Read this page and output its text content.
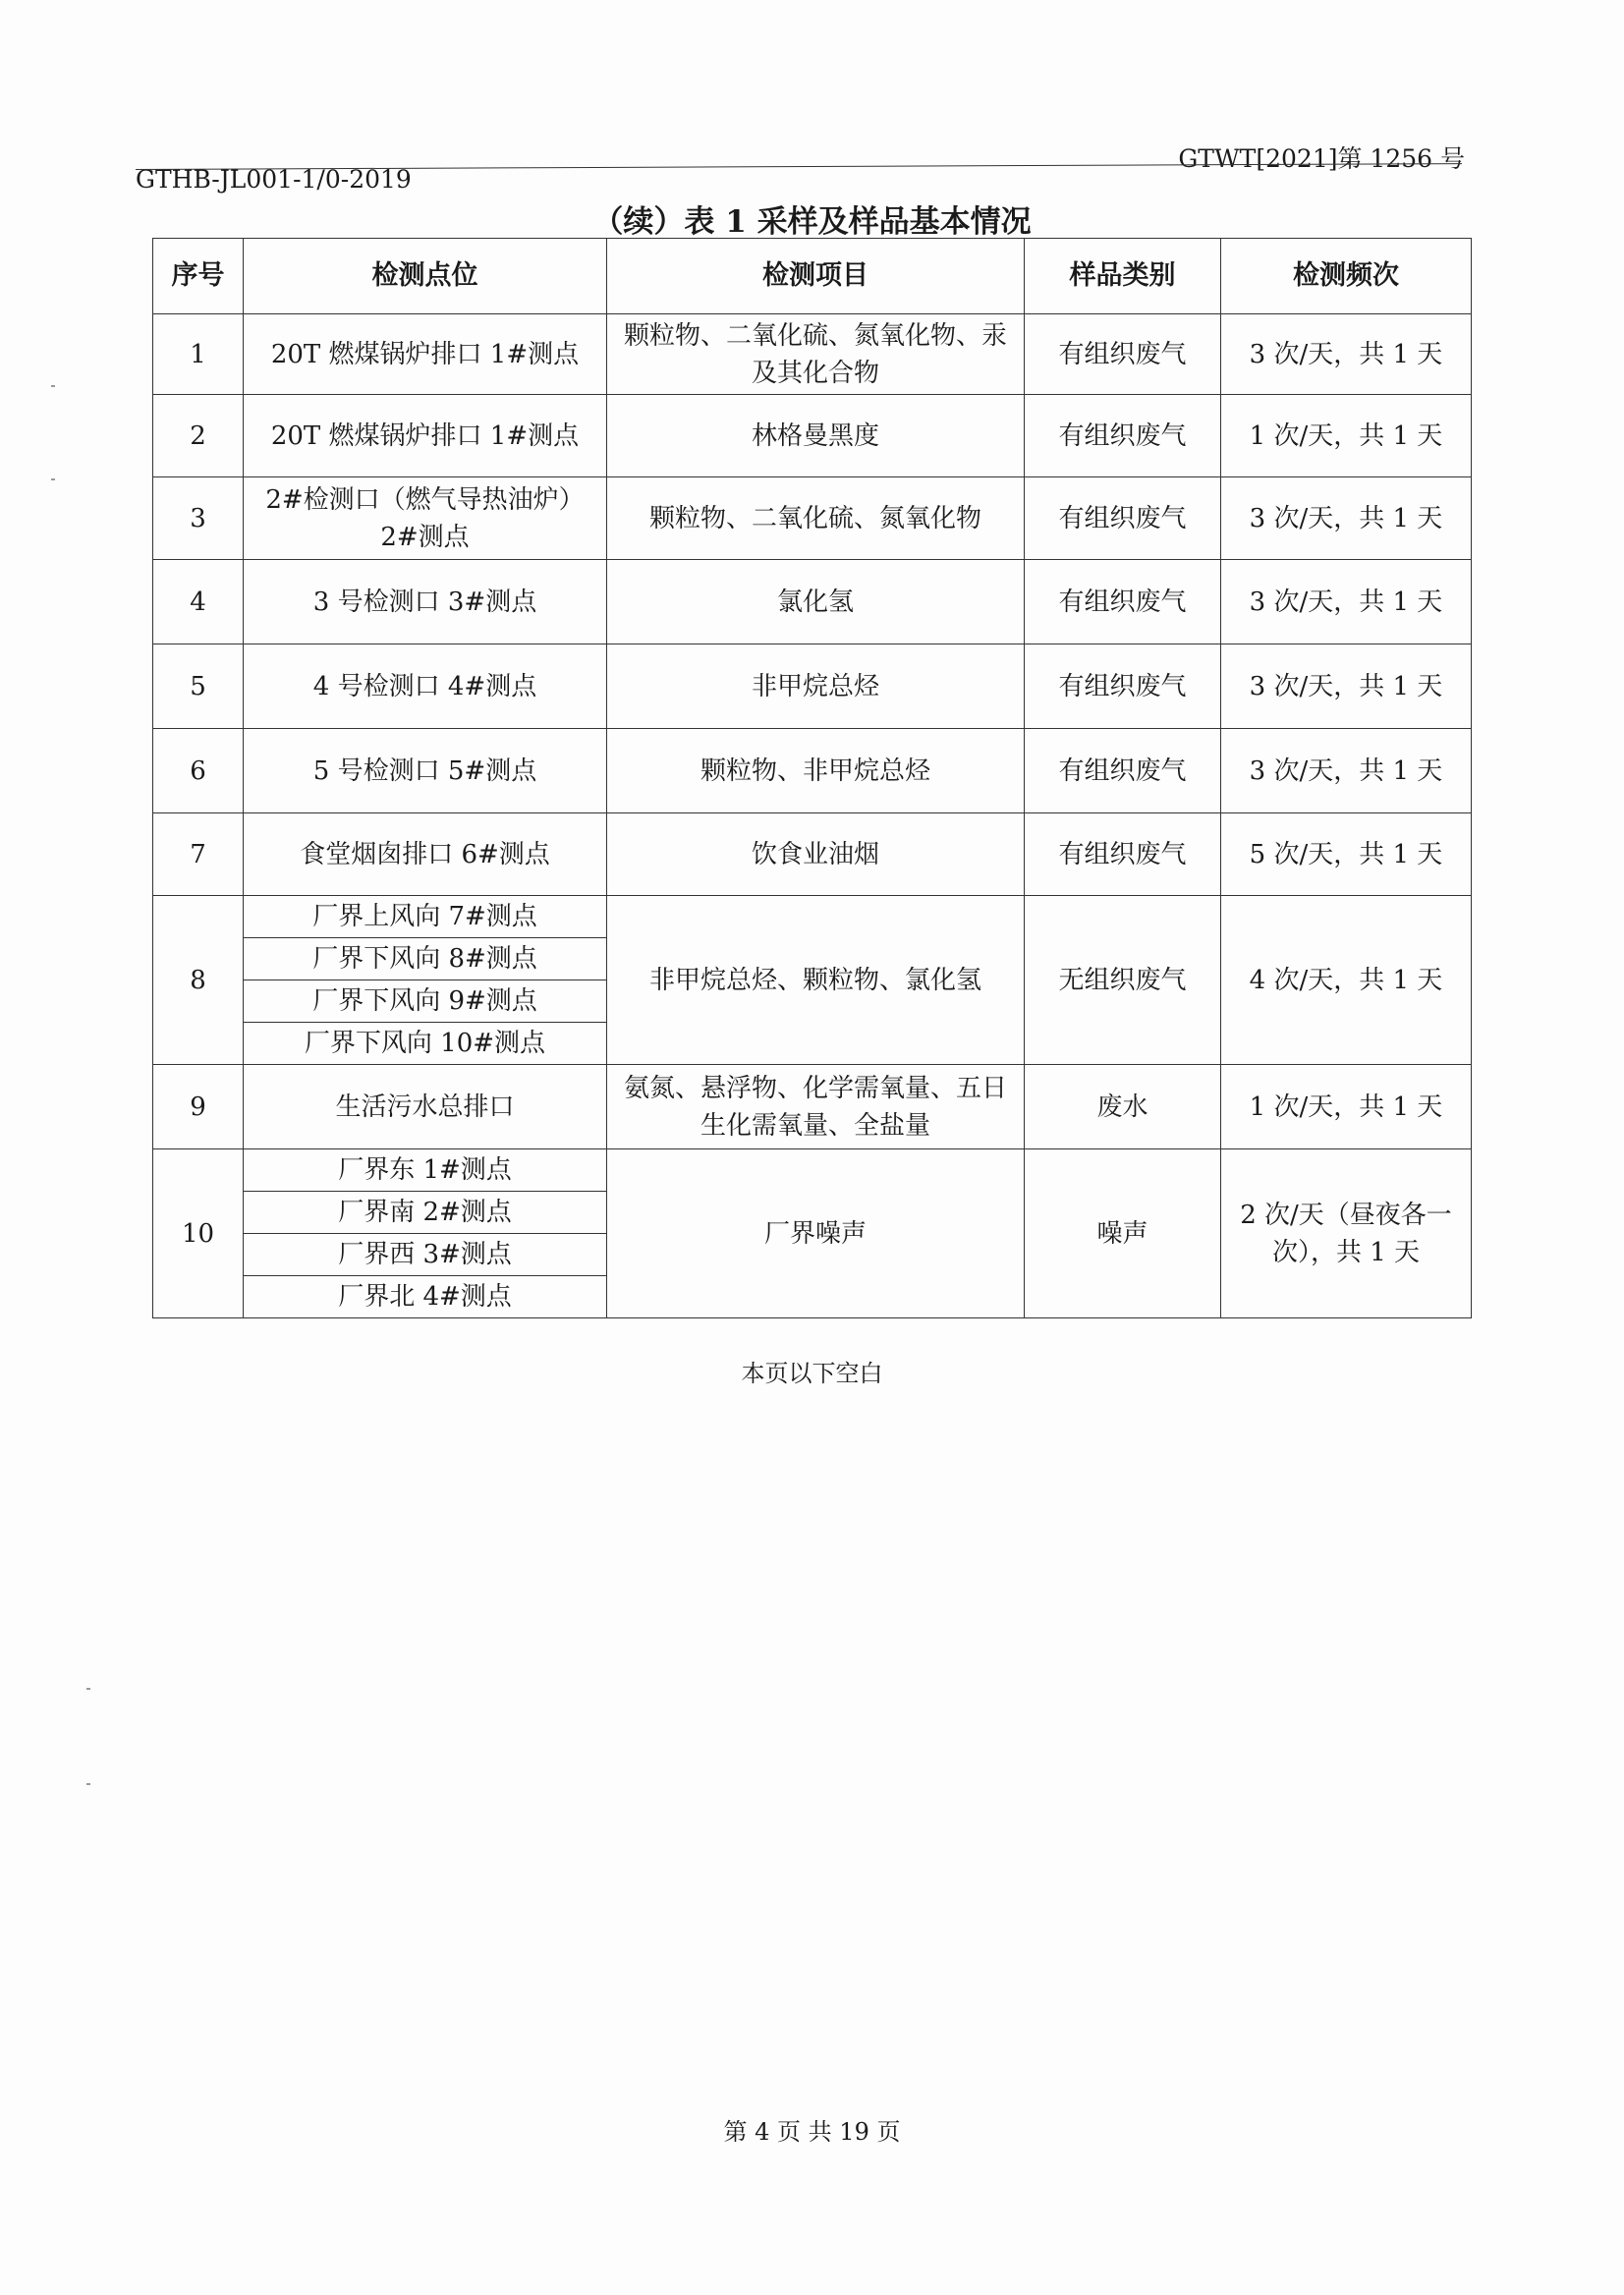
GTWT[2021]第 1256 号
GTHB-JL001-1/0-2019
（续）表 1 采样及样品基本情况
序号	检测点位	检测项目	样品类别	检测频次
1	20T 燃煤锅炉排口 1#测点	颗粒物、二氧化硫、氮氧化物、汞及其化合物	有组织废气	3 次/天，共 1 天
2	20T 燃煤锅炉排口 1#测点	林格曼黑度	有组织废气	1 次/天，共 1 天
3	2#检测口（燃气导热油炉）2#测点	颗粒物、二氧化硫、氮氧化物	有组织废气	3 次/天，共 1 天
4	3 号检测口 3#测点	氯化氢	有组织废气	3 次/天，共 1 天
5	4 号检测口 4#测点	非甲烷总烃	有组织废气	3 次/天，共 1 天
6	5 号检测口 5#测点	颗粒物、非甲烷总烃	有组织废气	3 次/天，共 1 天
7	食堂烟囱排口 6#测点	饮食业油烟	有组织废气	5 次/天，共 1 天
8	厂界上风向 7#测点	非甲烷总烃、颗粒物、氯化氢	无组织废气	4 次/天，共 1 天
	厂界下风向 8#测点			
	厂界下风向 9#测点			
	厂界下风向 10#测点			
9	生活污水总排口	氨氮、悬浮物、化学需氧量、五日生化需氧量、全盐量	废水	1 次/天，共 1 天
10	厂界东 1#测点	厂界噪声	噪声	2 次/天（昼夜各一次），共 1 天
	厂界南 2#测点			
	厂界西 3#测点			
	厂界北 4#测点			
本页以下空白
第 4 页 共 19 页
